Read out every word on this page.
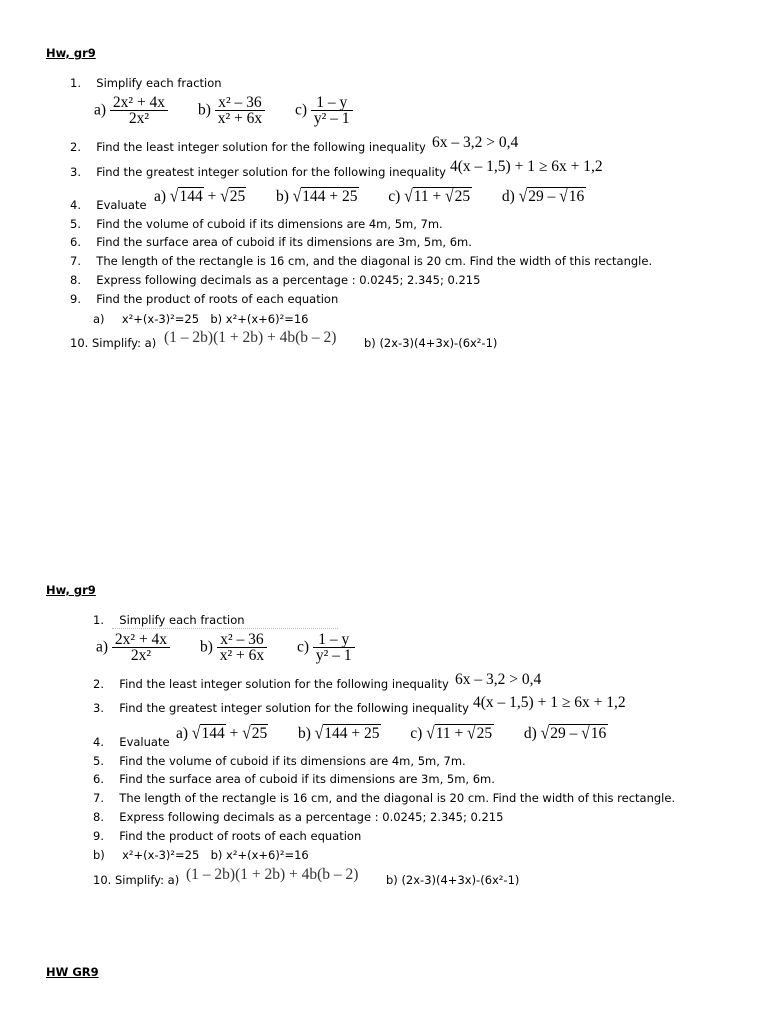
Hw, gr9
1. Simplify each fraction
$a) \frac{\text{2x² + 4x}}{\text{2x²}} b) \frac{\text{x² – 36}}{\text{x² + 6x}} c) \frac{1 - y}{\text{y² – 1}}$
2. Find the least integer solution for the following inequality 6x – 3,2 > 0,4
3. Find the greatest integer solution for the following inequality 4(x – 1,5) + 1 ≥ 6x + 1,2
4. Evaluate a) √144 + √25 b) √144 + 25 c) √11 + √25 d) √29 – √16
5. Find the volume of cuboid if its dimensions are 4m, 5m, 7m.
6. Find the surface area of cuboid if its dimensions are 3m, 5m, 6m.
7. The length of the rectangle is 16 cm, and the diagonal is 20 cm. Find the width of this rectangle.
8. Express following decimals as a percentage : 0.0245; 2.345; 0.215
9. Find the product of roots of each equation
a) x²+(x-3)²=25 b) x²+(x+6)²=16
10. Simplify: a) (1 – 2b)(1 + 2b) + 4b(b – 2) b) (2x-3)(4+3x)-(6x²-1)
Hw, gr9
1. Simplify each fraction
$a) \frac{\text{2x² + 4x}}{\text{2x²}} b) \frac{\text{x² – 36}}{\text{x² + 6x}} c) \frac{1 - y}{\text{y² – 1}}$
2. Find the least integer solution for the following inequality 6x – 3,2 > 0,4
3. Find the greatest integer solution for the following inequality 4(x – 1,5) + 1 ≥ 6x + 1,2
4. Evaluate a) √144 + √25 b) √144 + 25 c) √11 + √25 d) √29 – √16
5. Find the volume of cuboid if its dimensions are 4m, 5m, 7m.
6. Find the surface area of cuboid if its dimensions are 3m, 5m, 6m.
7. The length of the rectangle is 16 cm, and the diagonal is 20 cm. Find the width of this rectangle.
8. Express following decimals as a percentage : 0.0245; 2.345; 0.215
9. Find the product of roots of each equation
b) x²+(x-3)²=25 b) x²+(x+6)²=16
10. Simplify: a) (1 – 2b)(1 + 2b) + 4b(b – 2) b) (2x-3)(4+3x)-(6x²-1)
HW GR9
